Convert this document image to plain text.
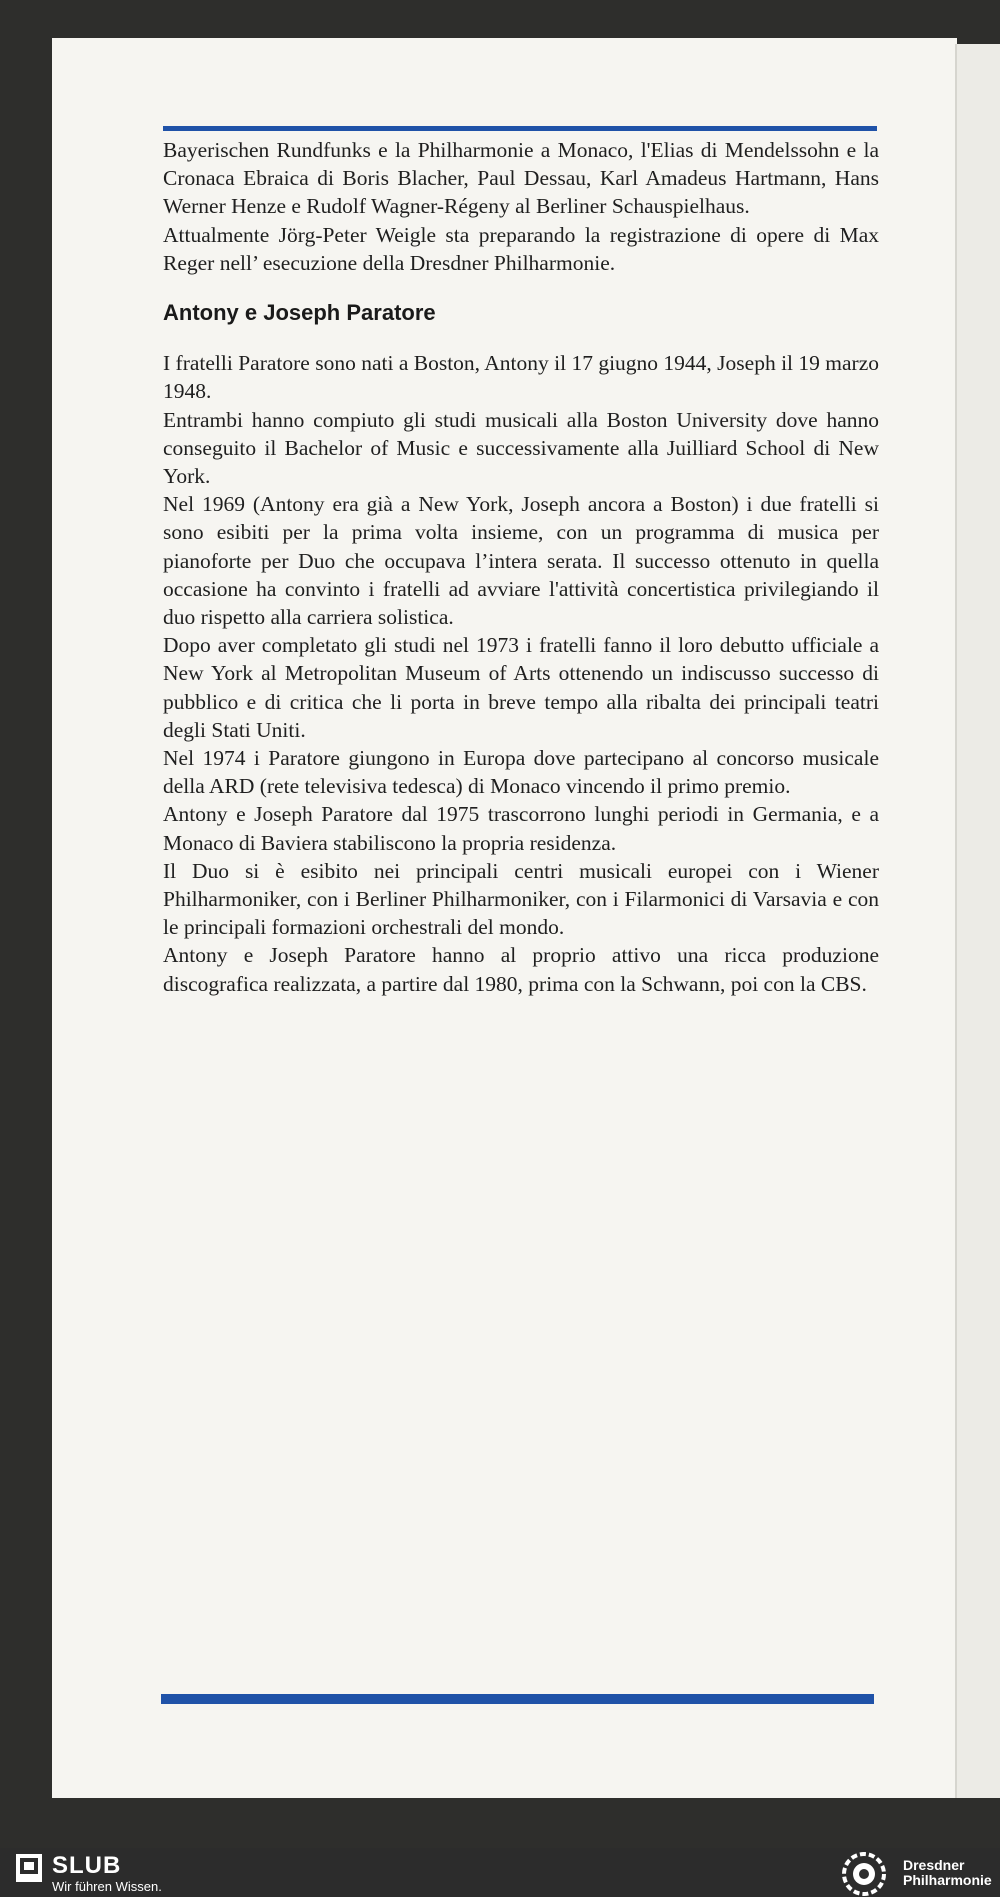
Bayerischen Rundfunks e la Philharmonie a Monaco, l'Elias di Mendelssohn e la Cronaca Ebraica di Boris Blacher, Paul Dessau, Karl Amadeus Hartmann, Hans Werner Henze e Rudolf Wagner-Régeny al Berliner Schauspielhaus.

Attualmente Jörg-Peter Weigle sta preparando la registrazione di opere di Max Reger nell’ esecuzione della Dresdner Philharmonie.

Antony e Joseph Paratore

I fratelli Paratore sono nati a Boston, Antony il 17 giugno 1944, Joseph il 19 marzo 1948.

Entrambi hanno compiuto gli studi musicali alla Boston University dove hanno conseguito il Bachelor of Music e successivamente alla Juilliard School di New York.

Nel 1969 (Antony era già a New York, Joseph ancora a Boston) i due fratelli si sono esibiti per la prima volta insieme, con un programma di musica per pianoforte per Duo che occupava l’intera serata. Il successo ottenuto in quella occasione ha convinto i fratelli ad avviare l'attività concertistica privilegiando il duo rispetto alla carriera solistica.

Dopo aver completato gli studi nel 1973 i fratelli fanno il loro debutto ufficiale a New York al Metropolitan Museum of Arts ottenendo un indiscusso successo di pubblico e di critica che li porta in breve tempo alla ribalta dei principali teatri degli Stati Uniti.

Nel 1974 i Paratore giungono in Europa dove partecipano al concorso musicale della ARD (rete televisiva tedesca) di Monaco vincendo il primo premio.

Antony e Joseph Paratore dal 1975 trascorrono lunghi periodi in Germania, e a Monaco di Baviera stabiliscono la propria residenza.

Il Duo si è esibito nei principali centri musicali europei con i Wiener Philharmoniker, con i Berliner Philharmoniker, con i Filarmonici di Varsavia e con le principali formazioni orchestrali del mondo.

Antony e Joseph Paratore hanno al proprio attivo una ricca produzione discografica realizzata, a partire dal 1980, prima con la Schwann, poi con la CBS.

SLUB
Wir führen Wissen.
Dresdner
Philharmonie
